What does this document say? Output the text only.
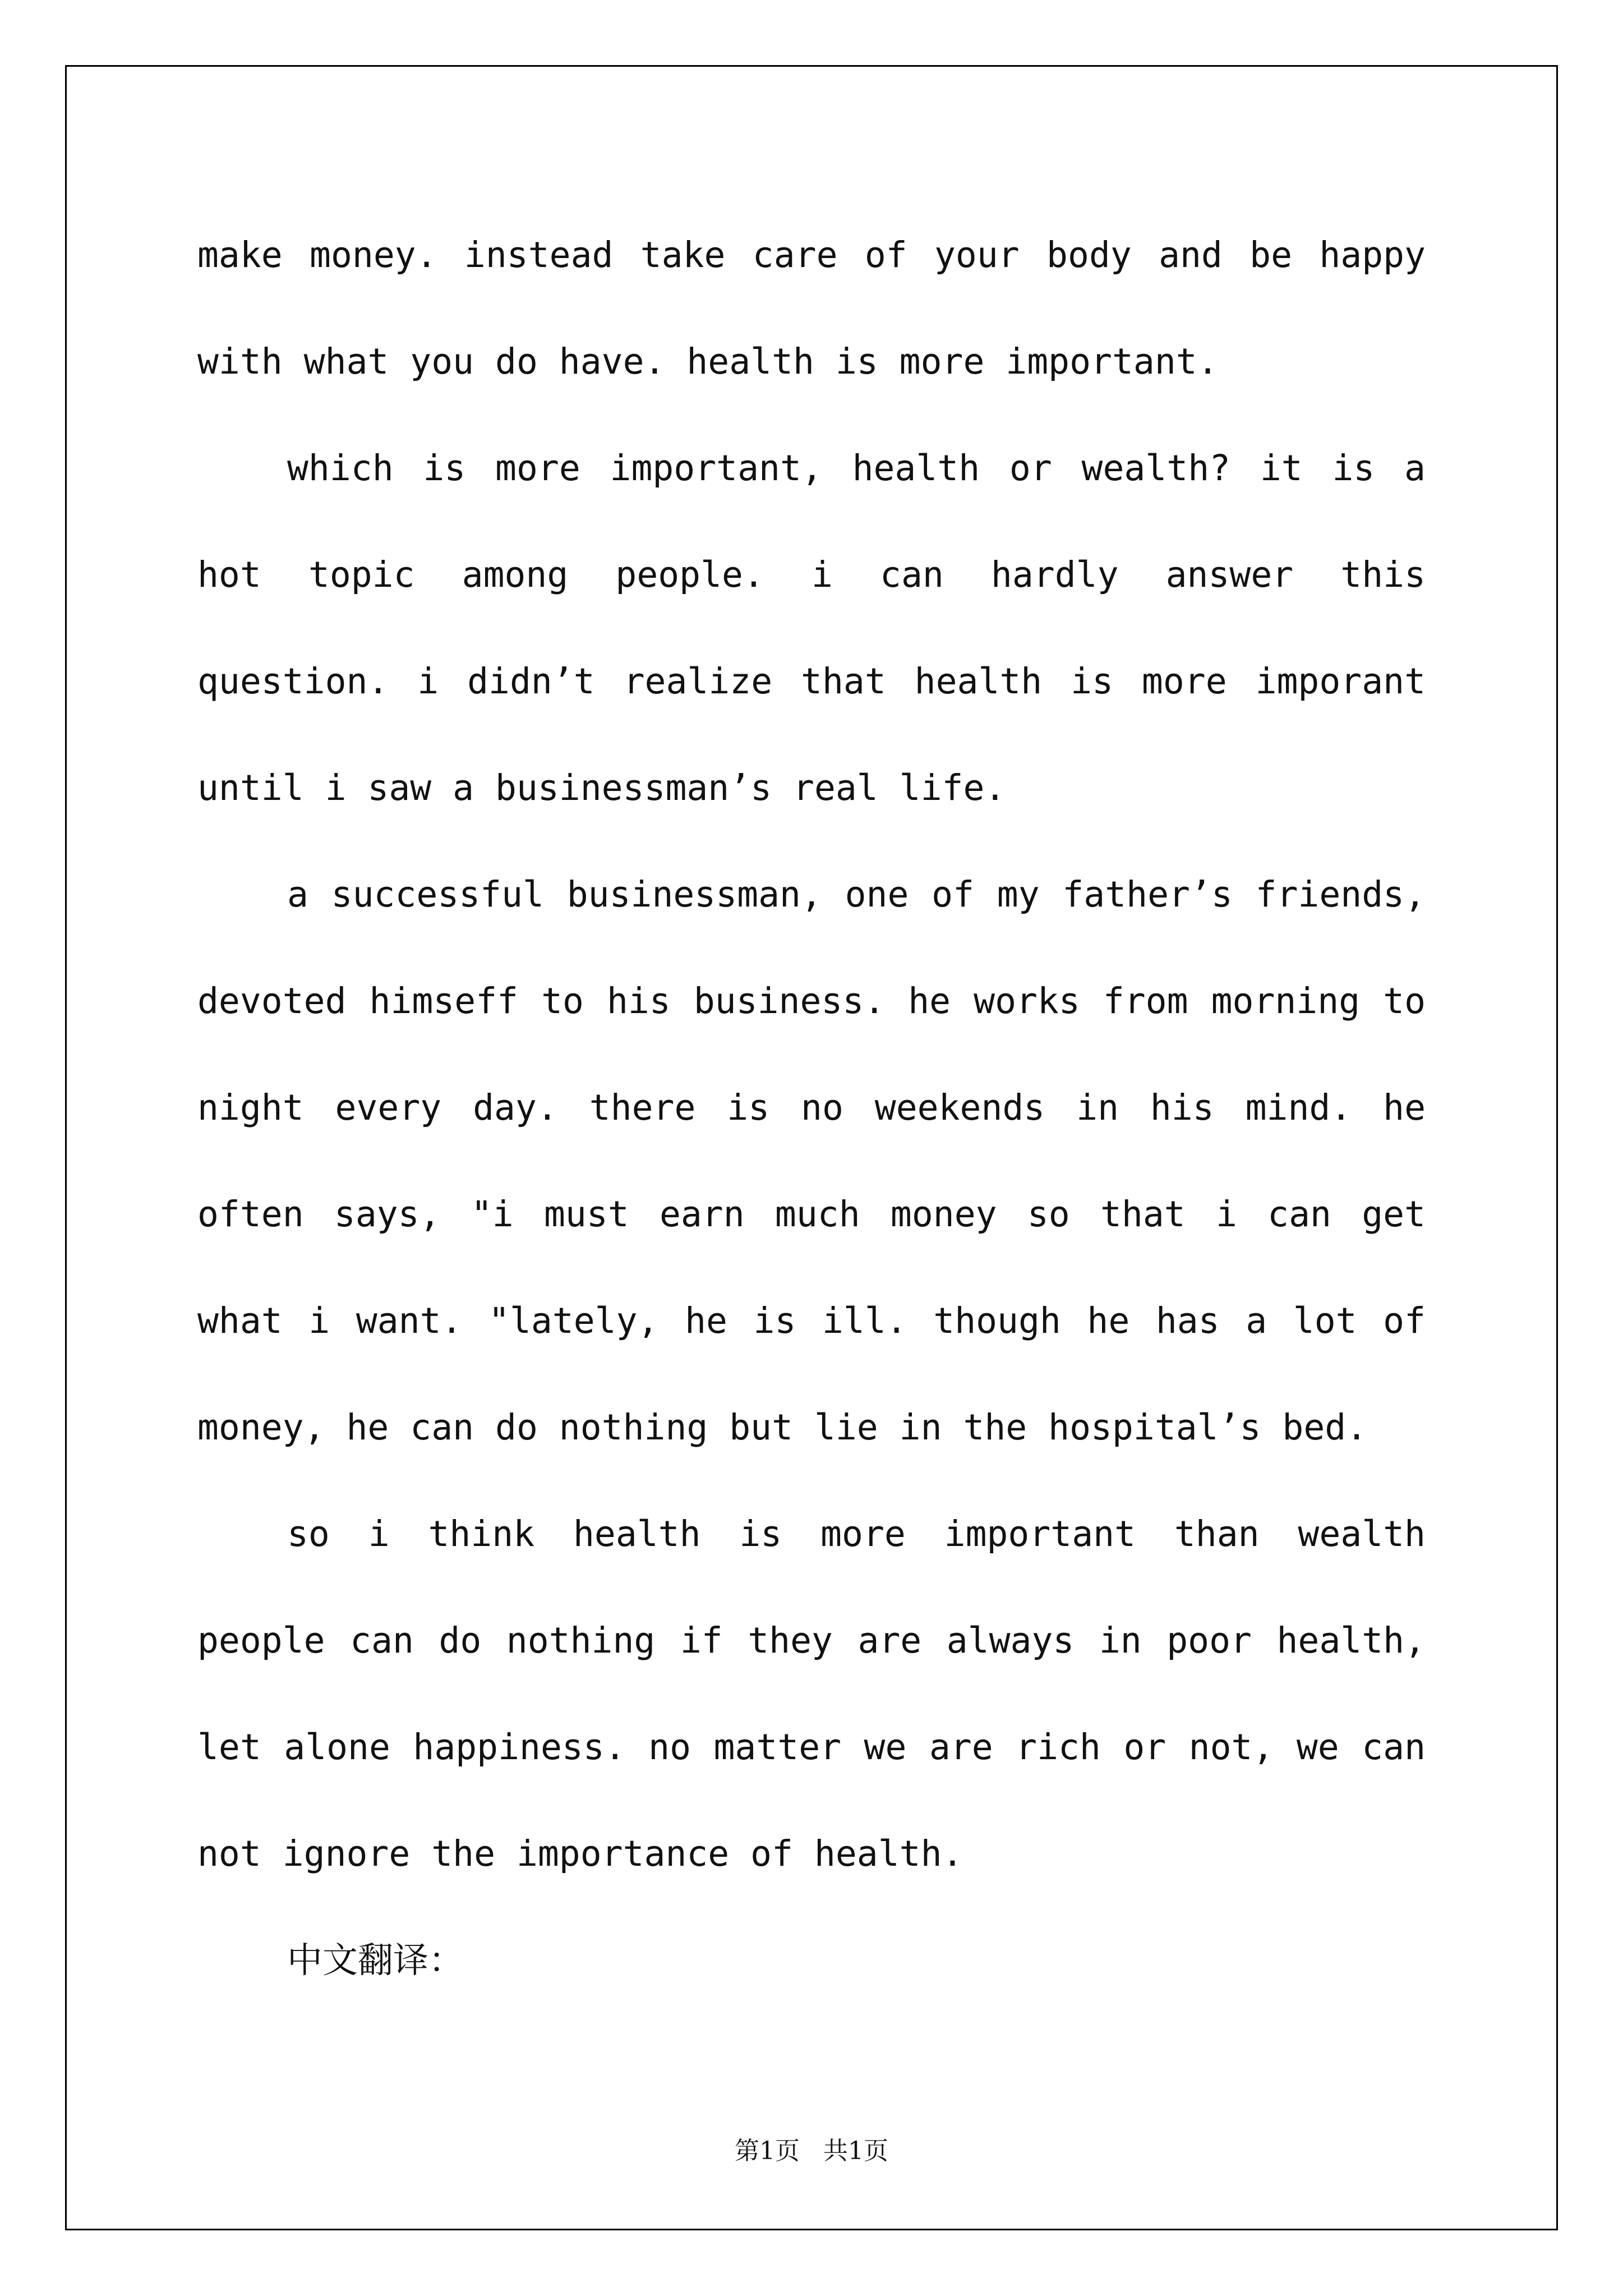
make money. instead take care of your body and be happy with what you do have. health is more important.

which is more important, health or wealth? it is a hot topic among people. i can hardly answer this question. i didn’t realize that health is more imporant until i saw a businessman’s real life.

a successful businessman, one of my father’s friends, devoted himseff to his business. he works from morning to night every day. there is no weekends in his mind. he often says, "i must earn much money so that i can get what i want. "lately, he is ill. though he has a lot of money, he can do nothing but lie in the hospital’s bed.

so i think health is more important than wealth people can do nothing if they are always in poor health, let alone happiness. no matter we are rich or not, we can not ignore the importance of health.

中文翻译：

第1页   共1页
